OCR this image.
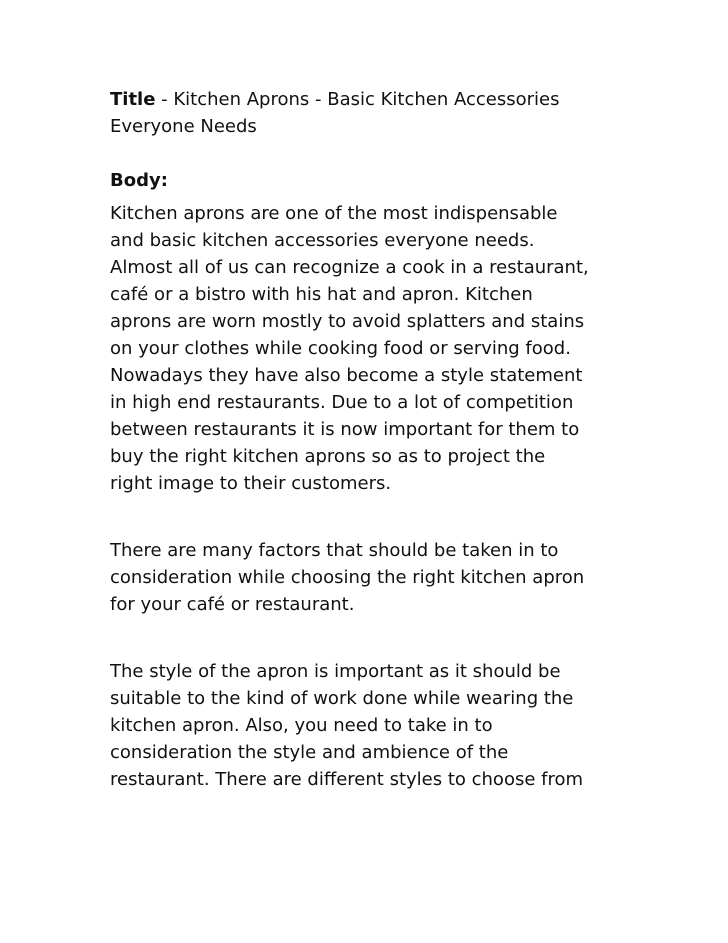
Title - Kitchen Aprons - Basic Kitchen Accessories
Everyone Needs
Body:
Kitchen aprons are one of the most indispensable
and basic kitchen accessories everyone needs.
Almost all of us can recognize a cook in a restaurant,
café or a bistro with his hat and apron. Kitchen
aprons are worn mostly to avoid splatters and stains
on your clothes while cooking food or serving food.
Nowadays they have also become a style statement
in high end restaurants. Due to a lot of competition
between restaurants it is now important for them to
buy the right kitchen aprons so as to project the
right image to their customers.
There are many factors that should be taken in to
consideration while choosing the right kitchen apron
for your café or restaurant.
The style of the apron is important as it should be
suitable to the kind of work done while wearing the
kitchen apron. Also, you need to take in to
consideration the style and ambience of the
restaurant. There are different styles to choose from
